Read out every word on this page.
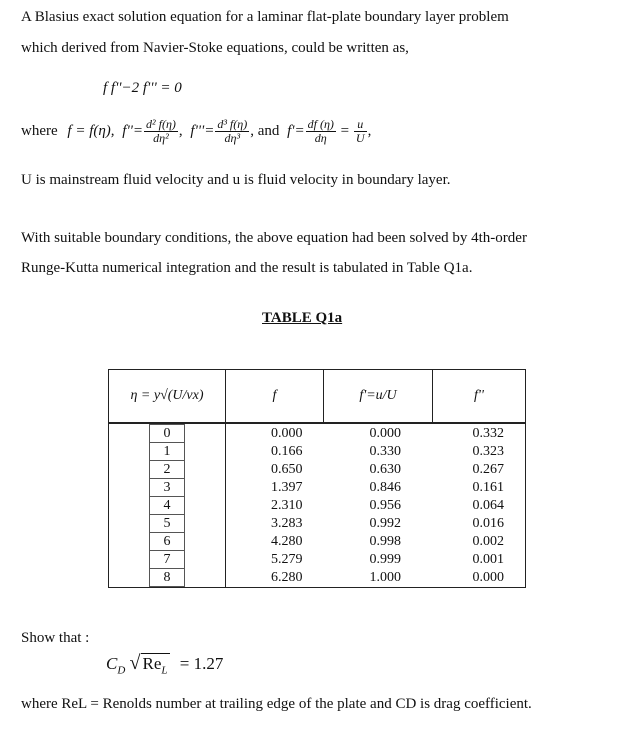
A Blasius exact solution equation for a laminar flat-plate boundary layer problem
which derived from Navier-Stoke equations, could be written as,
f f''−2 f''' = 0
where f = f(η), $f''= \frac{\text{d² f(η)}}{\text{dη²}}$ , $f'''= \frac{\text{d³ f(η)}}{\text{dη³}}$ , and $f'= \frac{df (\eta)}{d\eta} = \frac{u}{U}$ ,
U is mainstream fluid velocity and u is fluid velocity in boundary layer.
With suitable boundary conditions, the above equation had been solved by 4th-order
Runge-Kutta numerical integration and the result is tabulated in Table Q1a.
TABLE Q1a
η = y√(U/νx)	f	f'=u/U	f''
0	0.000	0.000	0.332
1	0.166	0.330	0.323
2	0.650	0.630	0.267
3	1.397	0.846	0.161
4	2.310	0.956	0.064
5	3.283	0.992	0.016
6	4.280	0.998	0.002
7	5.279	0.999	0.001
8	6.280	1.000	0.000
Show that :
$C_D$ √ $Re_L = 1.27$
where ReL = Renolds number at trailing edge of the plate and CD is drag coefficient.
